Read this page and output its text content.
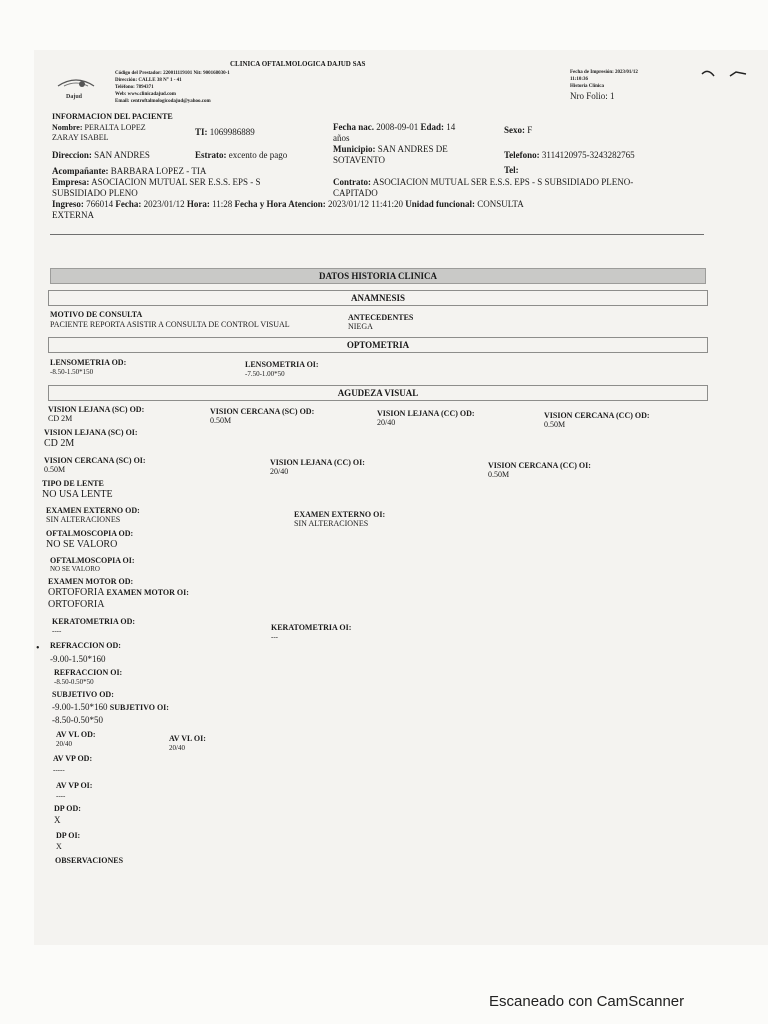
Dajud
CLINICA OFTALMOLOGICA DAJUD SAS
Código del Prestador: 220011119101 Nit: 900168030-1
Dirección: CALLE 38 N° 1 - 41
Teléfono: 7894371
Web: www.clinicadajud.com
Email: centroftalmologicodajud@yahoo.com
Fecha de Impresión: 2023/01/12
11:10:36
Historia Clínica
Nro Folio: 1
INFORMACION DEL PACIENTE
Nombre: PERALTA LOPEZ
ZARAY ISABEL
TI: 1069986889	Fecha nac. 2008-09-01 Edad: 14
años
Sexo: F
Direccion: SAN ANDRES	Estrato: excento de pago
Municipio: SAN ANDRES DE
SOTAVENTO	Telefono: 3114120975-3243282765
Acompañante: BARBARA LOPEZ - TIA	Tel:
Empresa: ASOCIACION MUTUAL SER E.S.S. EPS - S
SUBSIDIADO PLENO
Contrato: ASOCIACION MUTUAL SER E.S.S. EPS - S SUBSIDIADO PLENO-
CAPITADO
Ingreso: 766014 Fecha: 2023/01/12 Hora: 11:28 Fecha y Hora Atencion: 2023/01/12 11:41:20 Unidad funcional: CONSULTA
EXTERNA
DATOS HISTORIA CLINICA
ANAMNESIS
MOTIVO DE CONSULTA
PACIENTE REPORTA ASISTIR A CONSULTA DE CONTROL VISUAL
ANTECEDENTES
NIEGA
OPTOMETRIA
LENSOMETRIA OD:
-8.50-1.50*150
LENSOMETRIA OI:
-7.50-1.00*50
AGUDEZA VISUAL
VISION LEJANA (SC) OD:
CD 2M
VISION CERCANA (SC) OD:
0.50M
VISION LEJANA (CC) OD:
20/40
VISION CERCANA (CC) OD:
0.50M
VISION LEJANA (SC) OI:
CD 2M
VISION CERCANA (SC) OI:
0.50M
VISION LEJANA (CC) OI:
20/40
VISION CERCANA (CC) OI:
0.50M
TIPO DE LENTE
NO USA LENTE
EXAMEN EXTERNO OD:
SIN ALTERACIONES
EXAMEN EXTERNO OI:
SIN ALTERACIONES
OFTALMOSCOPIA OD:
NO SE VALORO
OFTALMOSCOPIA OI:
NO SE VALORO
EXAMEN MOTOR OD:
ORTOFORIA EXAMEN MOTOR OI:
ORTOFORIA
KERATOMETRIA OD:
----	KERATOMETRIA OI:
---
• REFRACCION OD:
-9.00-1.50*160
REFRACCION OI:
-8.50-0.50*50
SUBJETIVO OD:
-9.00-1.50*160 SUBJETIVO OI:
-8.50-0.50*50
AV VL OD:
20/40
AV VL OI:
20/40
AV VP OD:
-----
AV VP OI:
----
DP OD:
X
DP OI:
X
OBSERVACIONES
Escaneado con CamScanner
